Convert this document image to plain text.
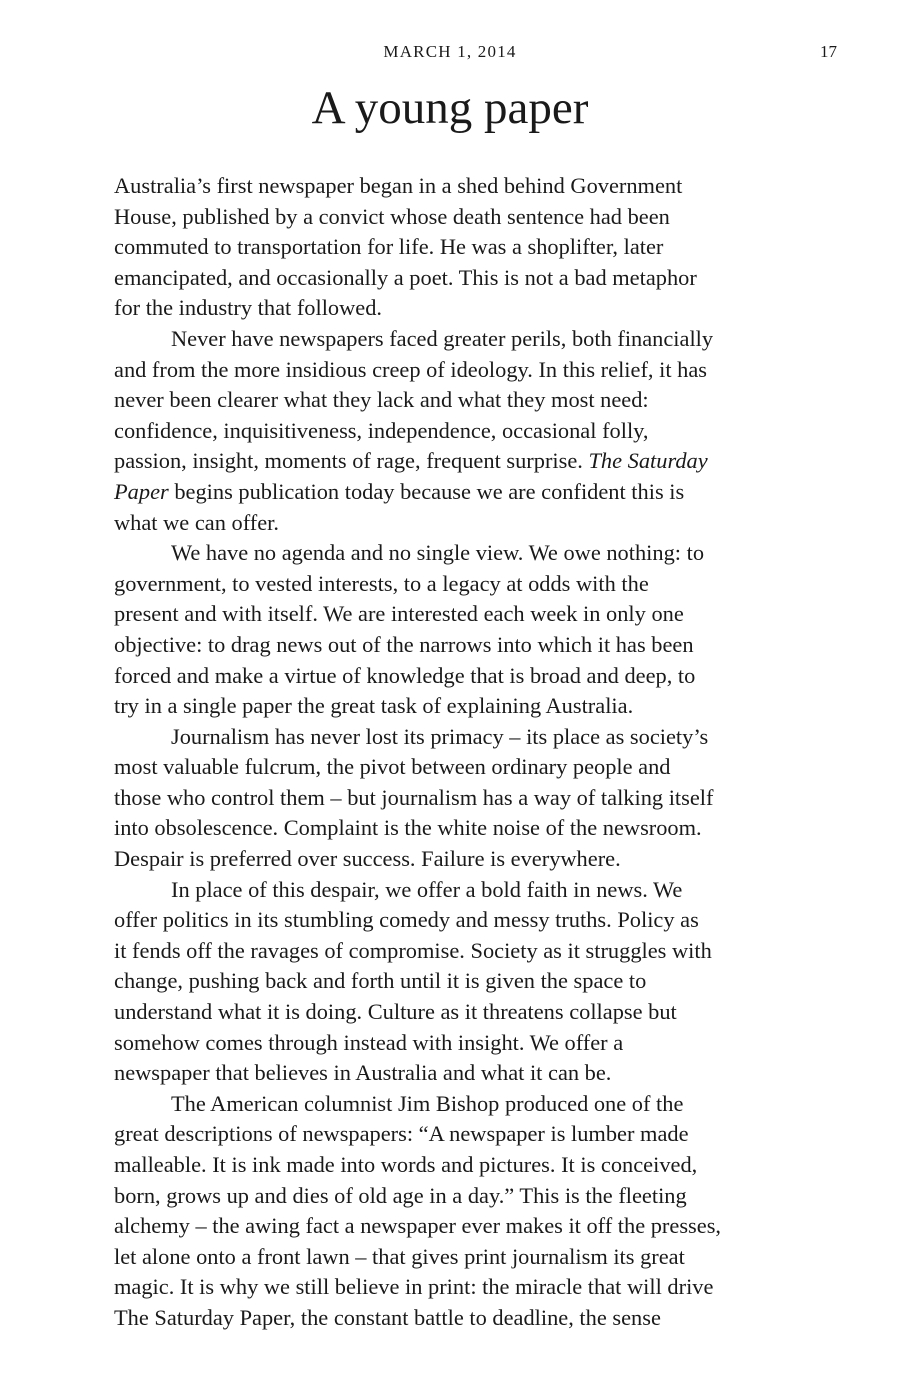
MARCH 1, 2014	17
A young paper

Australia’s first newspaper began in a shed behind Government
House, published by a convict whose death sentence had been
commuted to transportation for life. He was a shoplifter, later
emancipated, and occasionally a poet. This is not a bad metaphor
for the industry that followed.

Never have newspapers faced greater perils, both financially
and from the more insidious creep of ideology. In this relief, it has
never been clearer what they lack and what they most need:
confidence, inquisitiveness, independence, occasional folly,
passion, insight, moments of rage, frequent surprise. The Saturday
Paper begins publication today because we are confident this is
what we can offer.

We have no agenda and no single view. We owe nothing: to
government, to vested interests, to a legacy at odds with the
present and with itself. We are interested each week in only one
objective: to drag news out of the narrows into which it has been
forced and make a virtue of knowledge that is broad and deep, to
try in a single paper the great task of explaining Australia.

Journalism has never lost its primacy – its place as society’s
most valuable fulcrum, the pivot between ordinary people and
those who control them – but journalism has a way of talking itself
into obsolescence. Complaint is the white noise of the newsroom.
Despair is preferred over success. Failure is everywhere.

In place of this despair, we offer a bold faith in news. We
offer politics in its stumbling comedy and messy truths. Policy as
it fends off the ravages of compromise. Society as it struggles with
change, pushing back and forth until it is given the space to
understand what it is doing. Culture as it threatens collapse but
somehow comes through instead with insight. We offer a
newspaper that believes in Australia and what it can be.

The American columnist Jim Bishop produced one of the
great descriptions of newspapers: “A newspaper is lumber made
malleable. It is ink made into words and pictures. It is conceived,
born, grows up and dies of old age in a day.” This is the fleeting
alchemy – the awing fact a newspaper ever makes it off the presses,
let alone onto a front lawn – that gives print journalism its great
magic. It is why we still believe in print: the miracle that will drive
The Saturday Paper, the constant battle to deadline, the sense
